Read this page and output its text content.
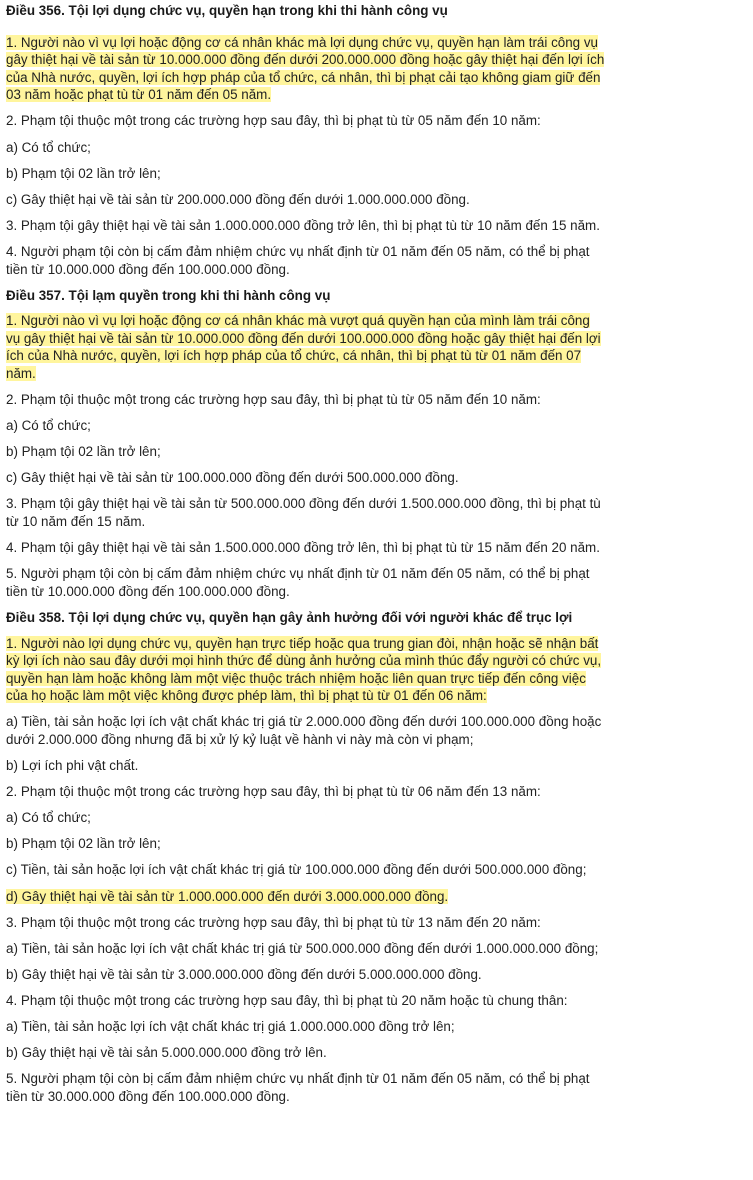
Điều 356. Tội lợi dụng chức vụ, quyền hạn trong khi thi hành công vụ

1. Người nào vì vụ lợi hoặc động cơ cá nhân khác mà lợi dụng chức vụ, quyền hạn làm trái công vụ gây thiệt hại về tài sản từ 10.000.000 đồng đến dưới 200.000.000 đồng hoặc gây thiệt hại đến lợi ích của Nhà nước, quyền, lợi ích hợp pháp của tổ chức, cá nhân, thì bị phạt cải tạo không giam giữ đến 03 năm hoặc phạt tù từ 01 năm đến 05 năm.

2. Phạm tội thuộc một trong các trường hợp sau đây, thì bị phạt tù từ 05 năm đến 10 năm:

a) Có tổ chức;

b) Phạm tội 02 lần trở lên;

c) Gây thiệt hại về tài sản từ 200.000.000 đồng đến dưới 1.000.000.000 đồng.

3. Phạm tội gây thiệt hại về tài sản 1.000.000.000 đồng trở lên, thì bị phạt tù từ 10 năm đến 15 năm.

4. Người phạm tội còn bị cấm đảm nhiệm chức vụ nhất định từ 01 năm đến 05 năm, có thể bị phạt tiền từ 10.000.000 đồng đến 100.000.000 đồng.

Điều 357. Tội lạm quyền trong khi thi hành công vụ

1. Người nào vì vụ lợi hoặc động cơ cá nhân khác mà vượt quá quyền hạn của mình làm trái công vụ gây thiệt hại về tài sản từ 10.000.000 đồng đến dưới 100.000.000 đồng hoặc gây thiệt hại đến lợi ích của Nhà nước, quyền, lợi ích hợp pháp của tổ chức, cá nhân, thì bị phạt tù từ 01 năm đến 07 năm.

2. Phạm tội thuộc một trong các trường hợp sau đây, thì bị phạt tù từ 05 năm đến 10 năm:

a) Có tổ chức;

b) Phạm tội 02 lần trở lên;

c) Gây thiệt hại về tài sản từ 100.000.000 đồng đến dưới 500.000.000 đồng.

3. Phạm tội gây thiệt hại về tài sản từ 500.000.000 đồng đến dưới 1.500.000.000 đồng, thì bị phạt tù từ 10 năm đến 15 năm.

4. Phạm tội gây thiệt hại về tài sản 1.500.000.000 đồng trở lên, thì bị phạt tù từ 15 năm đến 20 năm.

5. Người phạm tội còn bị cấm đảm nhiệm chức vụ nhất định từ 01 năm đến 05 năm, có thể bị phạt tiền từ 10.000.000 đồng đến 100.000.000 đồng.

Điều 358. Tội lợi dụng chức vụ, quyền hạn gây ảnh hưởng đối với người khác để trục lợi

1. Người nào lợi dụng chức vụ, quyền hạn trực tiếp hoặc qua trung gian đòi, nhận hoặc sẽ nhận bất kỳ lợi ích nào sau đây dưới mọi hình thức để dùng ảnh hưởng của mình thúc đẩy người có chức vụ, quyền hạn làm hoặc không làm một việc thuộc trách nhiệm hoặc liên quan trực tiếp đến công việc của họ hoặc làm một việc không được phép làm, thì bị phạt tù từ 01 đến 06 năm:

a) Tiền, tài sản hoặc lợi ích vật chất khác trị giá từ 2.000.000 đồng đến dưới 100.000.000 đồng hoặc dưới 2.000.000 đồng nhưng đã bị xử lý kỷ luật về hành vi này mà còn vi phạm;

b) Lợi ích phi vật chất.

2. Phạm tội thuộc một trong các trường hợp sau đây, thì bị phạt tù từ 06 năm đến 13 năm:

a) Có tổ chức;

b) Phạm tội 02 lần trở lên;

c) Tiền, tài sản hoặc lợi ích vật chất khác trị giá từ 100.000.000 đồng đến dưới 500.000.000 đồng;

d) Gây thiệt hại về tài sản từ 1.000.000.000 đến dưới 3.000.000.000 đồng.

3. Phạm tội thuộc một trong các trường hợp sau đây, thì bị phạt tù từ 13 năm đến 20 năm:

a) Tiền, tài sản hoặc lợi ích vật chất khác trị giá từ 500.000.000 đồng đến dưới 1.000.000.000 đồng;

b) Gây thiệt hại về tài sản từ 3.000.000.000 đồng đến dưới 5.000.000.000 đồng.

4. Phạm tội thuộc một trong các trường hợp sau đây, thì bị phạt tù 20 năm hoặc tù chung thân:

a) Tiền, tài sản hoặc lợi ích vật chất khác trị giá 1.000.000.000 đồng trở lên;

b) Gây thiệt hại về tài sản 5.000.000.000 đồng trở lên.

5. Người phạm tội còn bị cấm đảm nhiệm chức vụ nhất định từ 01 năm đến 05 năm, có thể bị phạt tiền từ 30.000.000 đồng đến 100.000.000 đồng.
